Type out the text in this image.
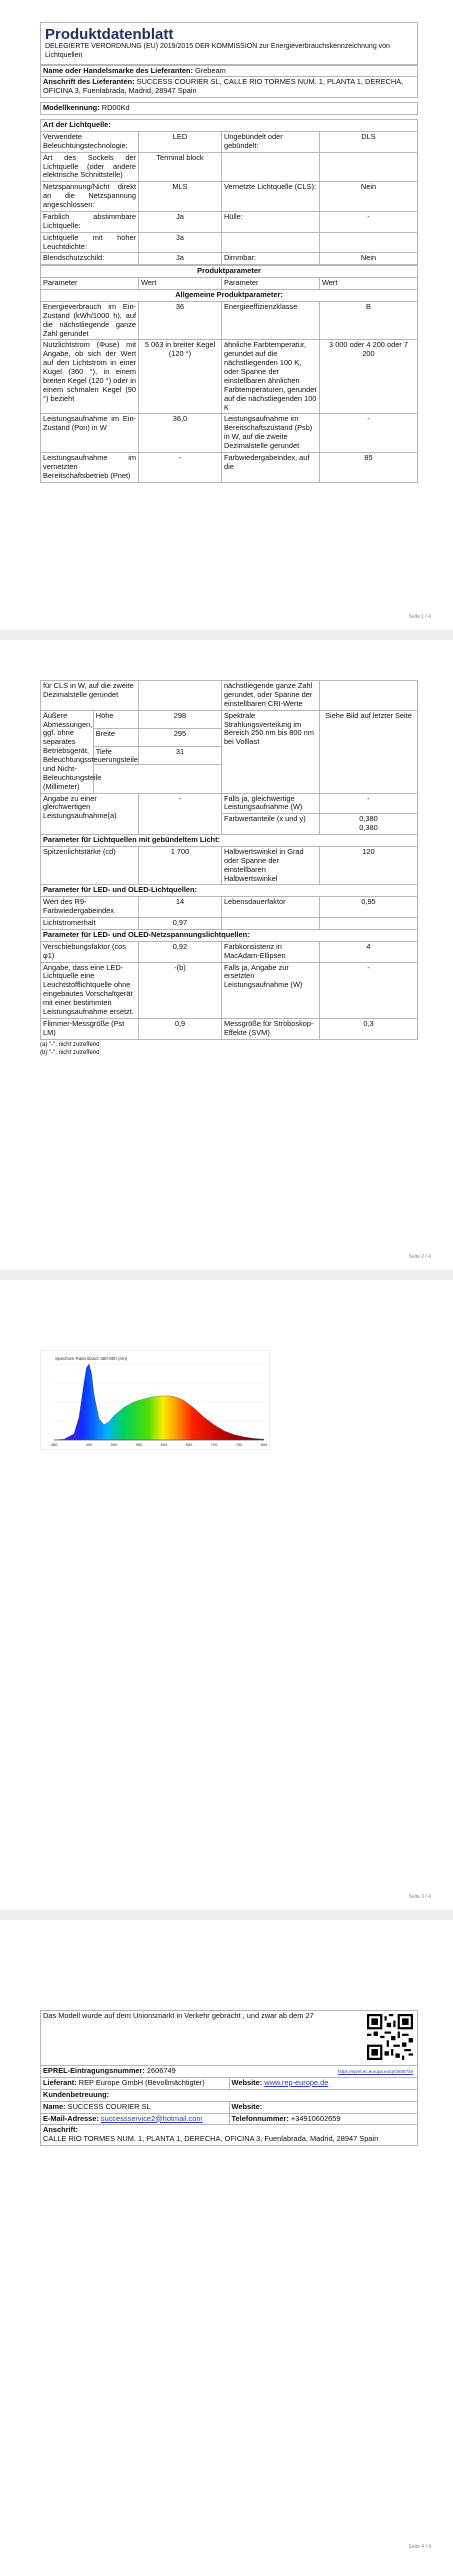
Produktdatenblatt
DELEGIERTE VERORDNUNG (EU) 2019/2015 DER KOMMISSION zur Energieverbrauchskennzeichnung von Lichtquellen
Name oder Handelsmarke des Lieferanten: Grebeam
Anschrift des Lieferanten: SUCCESS COURIER SL, CALLE RIO TORMES NUM. 1, PLANTA 1, DERECHA, OFICINA 3, Fuenlabrada, Madrid, 28947 Spain

Modellkennung: RD00Kd
Art der Lichtquelle:			
Verwendete Beleuchtungstechnologie:	LED	Ungebündelt oder gebündelt:	DLS
Art des Sockels der Lichtquelle (oder andere elektrische Schnittstelle)	Terminal block		
Netzspannung/Nicht direkt an die Netzspannung angeschlossen:	MLS	Vernetzte Lichtquelle (CLS):	Nein
Farblich abstimmbare Lichtquelle:	Ja	Hülle:	-
Lichtquelle mit hoher Leuchtdichte:	Ja		
Blendschutzschild:	Ja	Dimmbar:	Nein
Produktparameter			
Parameter	Wert	Parameter	Wert
Allgemeine Produktparameter:			
Energieverbrauch im Ein-Zustand (kWh/1000 h), auf die nächstliegende ganze Zahl gerundet	36	Energieeffizienzklasse	B
Nutzlichtstrom (Φuse) mit Angabe, ob sich der Wert auf den Lichtstrom in einer Kugel (360 °), in einem breiten Kegel (120 °) oder in einem schmalen Kegel (90 °) bezieht	5 063 in breiter Kegel (120 °)	ähnliche Farbtemperatur, gerundet auf die nächstliegenden 100 K, oder Spanne der einstellbaren ähnlichen Farbtemperaturen, gerundet auf die nächstliegenden 100 K	3 000 oder 4 200 oder 7 200
Leistungsaufnahme im Ein-Zustand (Pon) in W	36,0	Leistungsaufnahme im Bereitschaftszustand (Psb) in W, auf die zweite Dezimalstelle gerundet	-
Leistungsaufnahme im vernetzten Bereitschaftsbetrieb (Pnet)	-	Farbwiedergabeindex, auf die	85
Seite 1 / 4
für CLS in W, auf die zweite Dezimalstelle gerundet			nächstliegende ganze Zahl gerundet, oder Spanne der einstellbaren CRI-Werte	
Äußere Abmessungen, ggf. ohne separates Betriebsgerät, Beleuchtungssteuerungsteile und Nicht-Beleuchtungsteile (Millimeter)	Höhe	298	Spektrale Strahlungsverteilung im Bereich 250 nm bis 800 nm bei Volllast	Siehe Bild auf letzter Seite
	Breite	295		
	Tiefe	31		

Angabe zu einer gleichwertigen Leistungsaufnahme(a)		-	Falls ja, gleichwertige Leistungsaufnahme (W)	-
			Farbwertanteile (x und y)	0,380
0,380
Parameter für Lichtquellen mit gebündeltem Licht:				
Spitzenlichtstärke (cd)		1 700	Halbwertswinkel in Grad oder Spanne der einstellbaren Halbwertswinkel	120
Parameter für LED- und OLED-Lichtquellen:				
Wert des R9-Farbwiedergabeindex		14	Lebensdauerfaktor	0,95
Lichtstromerhalt		0,97		
Parameter für LED- und OLED-Netzspannungslichtquellen:				
Verschiebungsfaktor (cos φ1)		0,92	Farbkonsistenz in MacAdam-Ellipsen	4
Angabe, dass eine LED-Lichtquelle eine Leuchtstofflichtquelle ohne eingebautes Vorschaltgerät mit einer bestimmten Leistungsaufnahme ersetzt.		-(b)	Falls ja, Angabe zur ersetzten Leistungsaufnahme (W)	-
Flimmer-Messgröße (Pst LM)		0,9	Messgröße für Stroboskop-Effekte (SVM)	0,3
(a) "-": nicht zutreffend;
(b) "-": nicht zutreffend;
Seite 2 / 4
Spectrum Ratio Band: 380-800 (nm)
380	450	500	550	600	650	700	750	800
Seite 3 / 4
Das Modell wurde auf dem Unionsmarkt in Verkehr gebracht , und zwar ab dem 27	

EPREL-Eintragungsnummer: 2606749 https://eprel.ec.europa.eu/qr/2606749	

Lieferant: REP Europe GmbH (Bevollmächtigter)	Website: www.rep-europe.de
Kundenbetreuung:	
Name: SUCCESS COURIER SL	Website:
E-Mail-Adresse: successservice2@hotmail.com	Telefonnummer: +34910602659

Anschrift:
CALLE RIO TORMES NUM. 1, PLANTA 1, DERECHA, OFICINA 3, Fuenlabrada, Madrid, 28947 Spain	
Seite 4 / 4
